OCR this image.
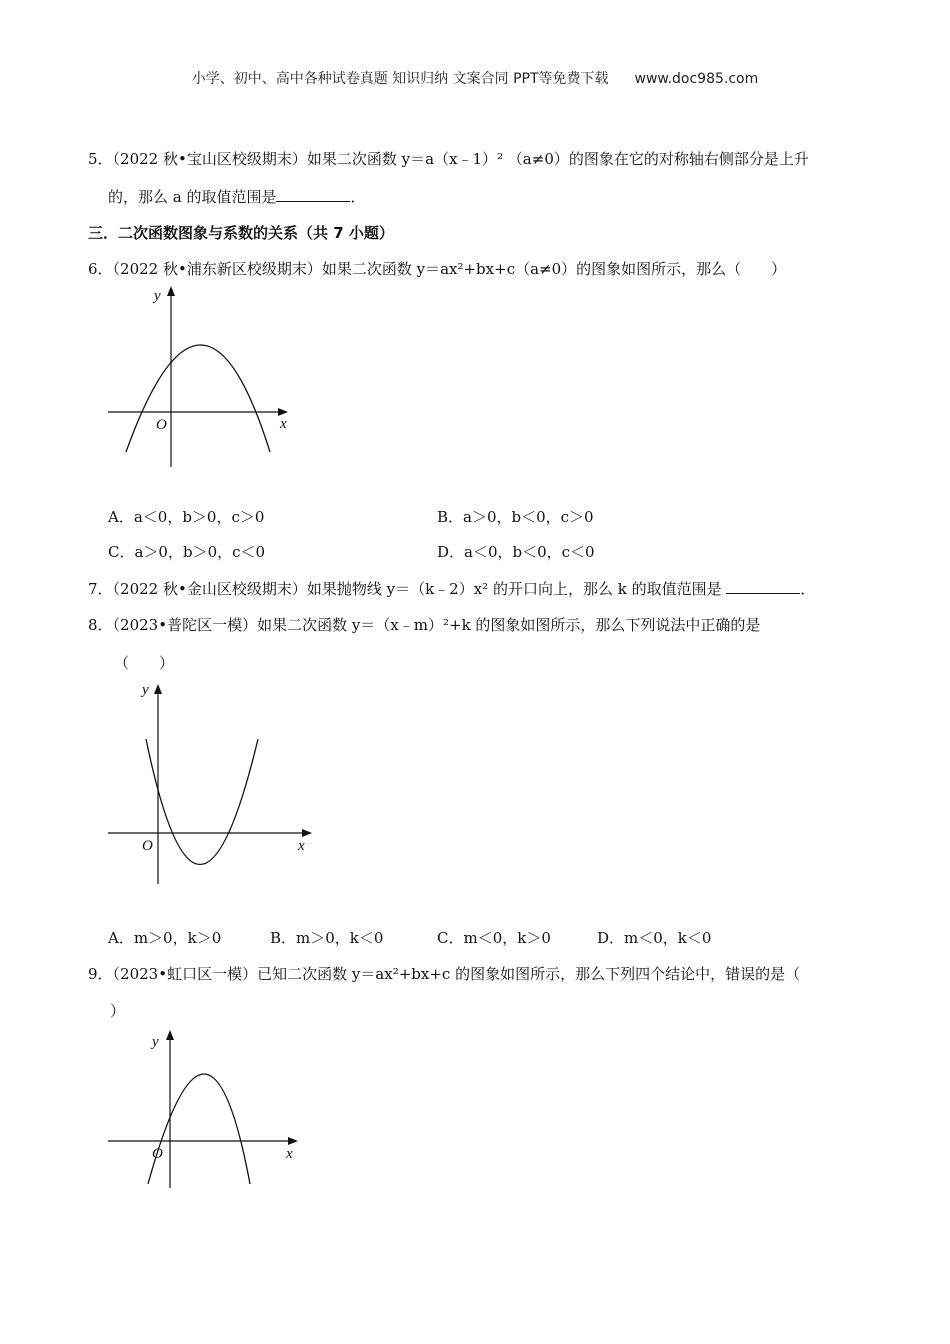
小学、初中、高中各种试卷真题 知识归纳 文案合同 PPT等免费下载 www.doc985.com
5．（2022 秋•宝山区校级期末）如果二次函数 y＝a（x﹣1）² （a≠0）的图象在它的对称轴右侧部分是上升
的，那么 a 的取值范围是	．
三．二次函数图象与系数的关系（共 7 小题）
6．（2022 秋•浦东新区校级期末）如果二次函数 y＝ax²+bx+c（a≠0）的图象如图所示，那么（　　）
y
x
O
A．a＜0，b＞0，c＞0	B．a＞0，b＜0，c＞0
C．a＞0，b＞0，c＜0	D．a＜0，b＜0，c＜0
7．（2022 秋•金山区校级期末）如果抛物线 y＝（k﹣2）x² 的开口向上，那么 k 的取值范围是	．
8．（2023•普陀区一模）如果二次函数 y＝（x﹣m）²+k 的图象如图所示，那么下列说法中正确的是
（　　）
y
x
O
A．m＞0，k＞0	B．m＞0，k＜0	C．m＜0，k＞0	D．m＜0，k＜0
9．（2023•虹口区一模）已知二次函数 y＝ax²+bx+c 的图象如图所示，那么下列四个结论中，错误的是（
）
y
x
O
